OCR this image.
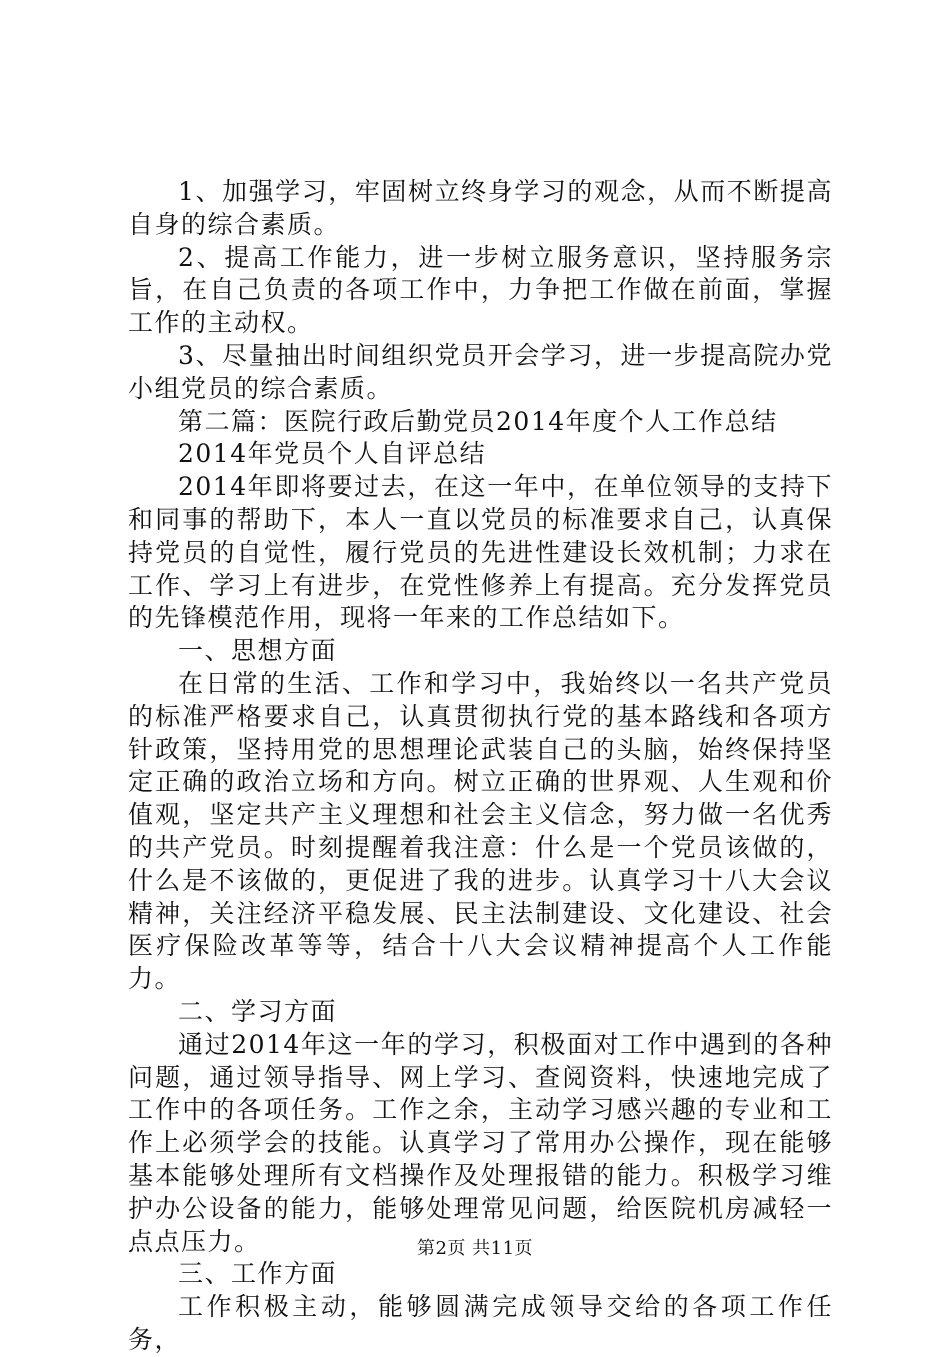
1、加强学习，牢固树立终身学习的观念，从而不断提高自身的综合素质。

2、提高工作能力，进一步树立服务意识，坚持服务宗旨，在自己负责的各项工作中，力争把工作做在前面，掌握工作的主动权。

3、尽量抽出时间组织党员开会学习，进一步提高院办党小组党员的综合素质。

第二篇：医院行政后勤党员2014年度个人工作总结

2014年党员个人自评总结

2014年即将要过去，在这一年中，在单位领导的支持下和同事的帮助下，本人一直以党员的标准要求自己，认真保持党员的自觉性，履行党员的先进性建设长效机制；力求在工作、学习上有进步，在党性修养上有提高。充分发挥党员的先锋模范作用，现将一年来的工作总结如下。

一、思想方面

在日常的生活、工作和学习中，我始终以一名共产党员的标准严格要求自己，认真贯彻执行党的基本路线和各项方针政策，坚持用党的思想理论武装自己的头脑，始终保持坚定正确的政治立场和方向。树立正确的世界观、人生观和价值观，坚定共产主义理想和社会主义信念，努力做一名优秀的共产党员。时刻提醒着我注意：什么是一个党员该做的，什么是不该做的，更促进了我的进步。认真学习十八大会议精神，关注经济平稳发展、民主法制建设、文化建设、社会医疗保险改革等等，结合十八大会议精神提高个人工作能力。

二、学习方面

通过2014年这一年的学习，积极面对工作中遇到的各种问题，通过领导指导、网上学习、查阅资料，快速地完成了工作中的各项任务。工作之余，主动学习感兴趣的专业和工作上必须学会的技能。认真学习了常用办公操作，现在能够基本能够处理所有文档操作及处理报错的能力。积极学习维护办公设备的能力，能够处理常见问题，给医院机房减轻一点点压力。

三、工作方面

工作积极主动，能够圆满完成领导交给的各项工作任务，

第2页 共11页
